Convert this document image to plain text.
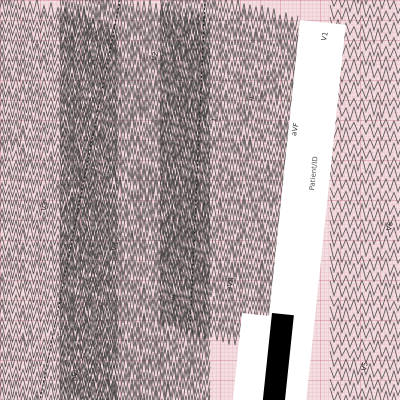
Patient/ID
I
II
III
aVR
aVL
aVF
V1
V2
V3
V4
V5
V6
